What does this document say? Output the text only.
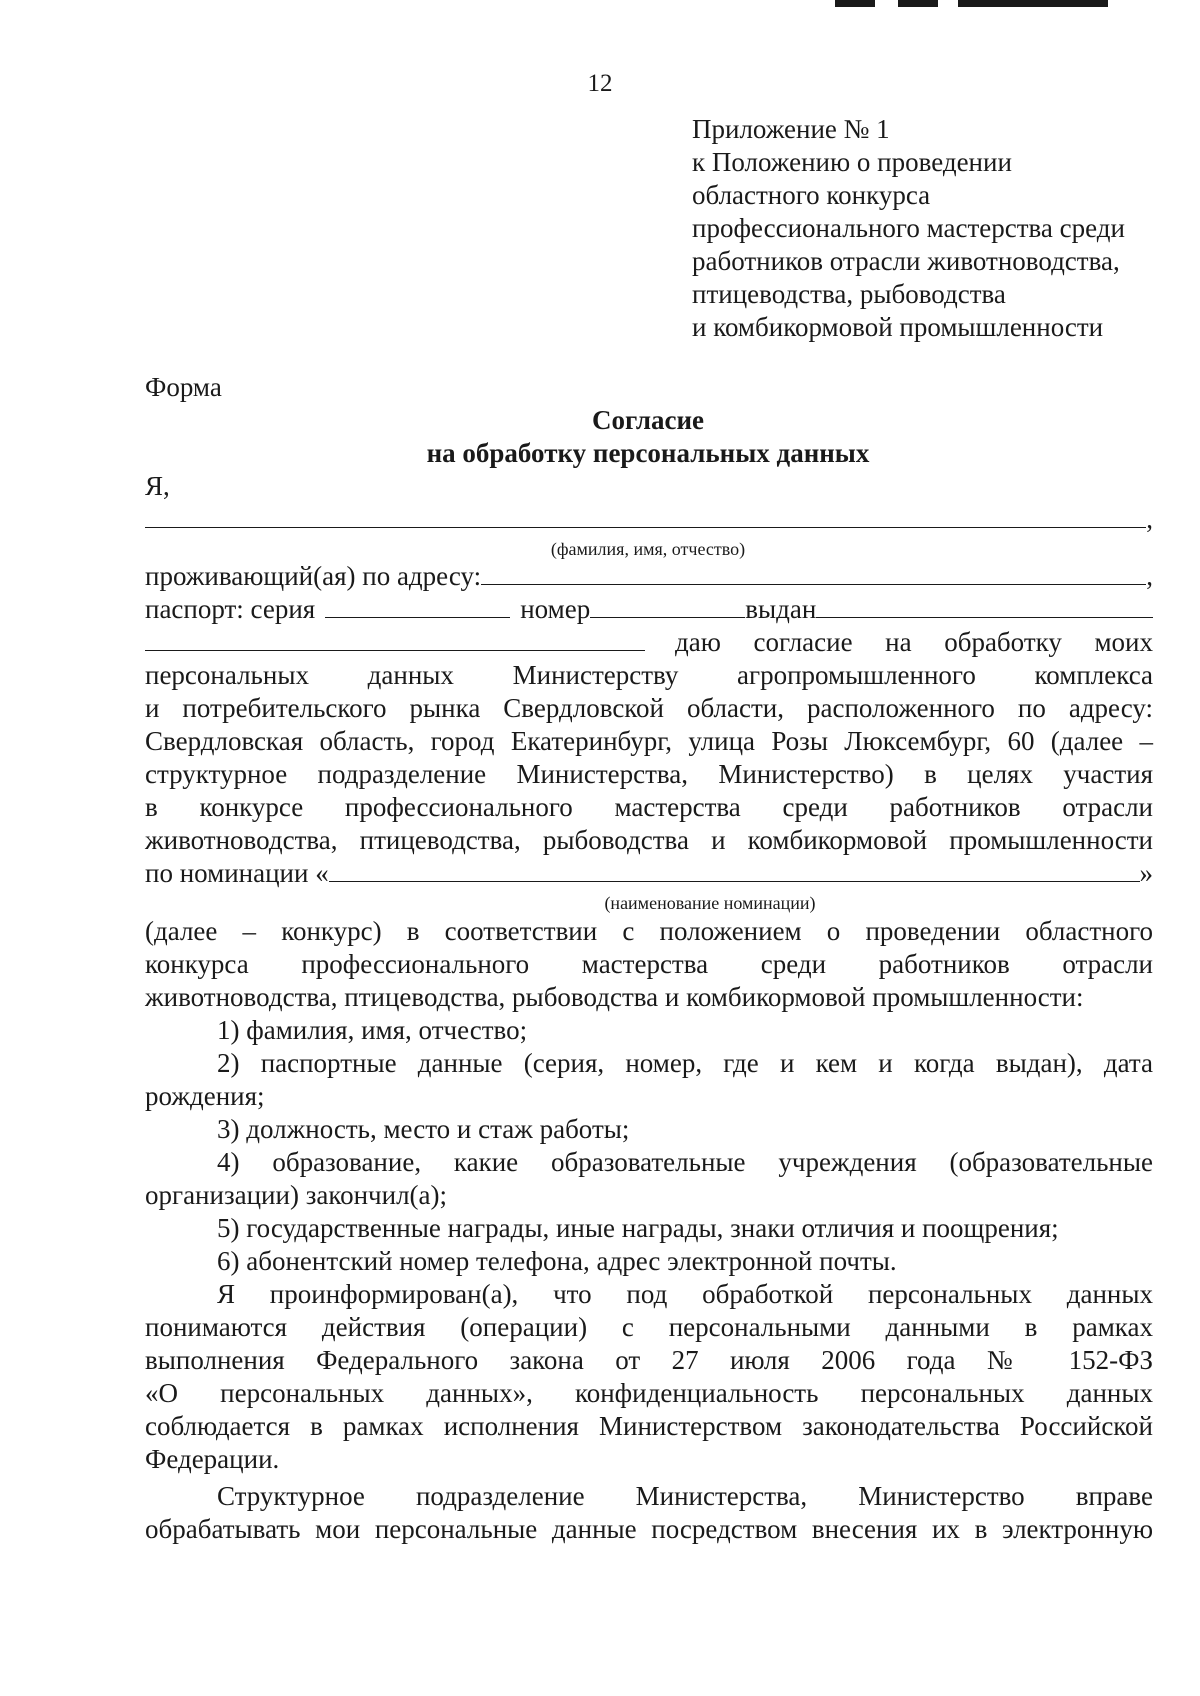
12
Приложение № 1
к Положению о проведении
областного конкурса
профессионального мастерства среди
работников отрасли животноводства,
птицеводства, рыбоводства
и комбикормовой промышленности
Форма
Согласие
на обработку персональных данных
Я,
,
(фамилия, имя, отчество)
проживающий(ая) по адресу:	,
паспорт: серия	номер	выдан
даю согласие на обработку моих
персональных данных Министерству агропромышленного комплекса
и потребительского рынка Свердловской области, расположенного по адресу:
Свердловская область, город Екатеринбург, улица Розы Люксембург, 60 (далее –
структурное подразделение Министерства, Министерство) в целях участия
в конкурсе профессионального мастерства среди работников отрасли
животноводства, птицеводства, рыбоводства и комбикормовой промышленности
по номинации «	»
(наименование номинации)
(далее – конкурс) в соответствии с положением о проведении областного
конкурса профессионального мастерства среди работников отрасли
животноводства, птицеводства, рыбоводства и комбикормовой промышленности:
1) фамилия, имя, отчество;
2) паспортные данные (серия, номер, где и кем и когда выдан), дата
рождения;
3) должность, место и стаж работы;
4) образование, какие образовательные учреждения (образовательные
организации) закончил(а);
5) государственные награды, иные награды, знаки отличия и поощрения;
6) абонентский номер телефона, адрес электронной почты.
Я проинформирован(а), что под обработкой персональных данных
понимаются действия (операции) с персональными данными в рамках
выполнения Федерального закона от 27 июля 2006 года № 152-ФЗ
«О персональных данных», конфиденциальность персональных данных
соблюдается в рамках исполнения Министерством законодательства Российской
Федерации.
Структурное подразделение Министерства, Министерство вправе
обрабатывать мои персональные данные посредством внесения их в электронную
